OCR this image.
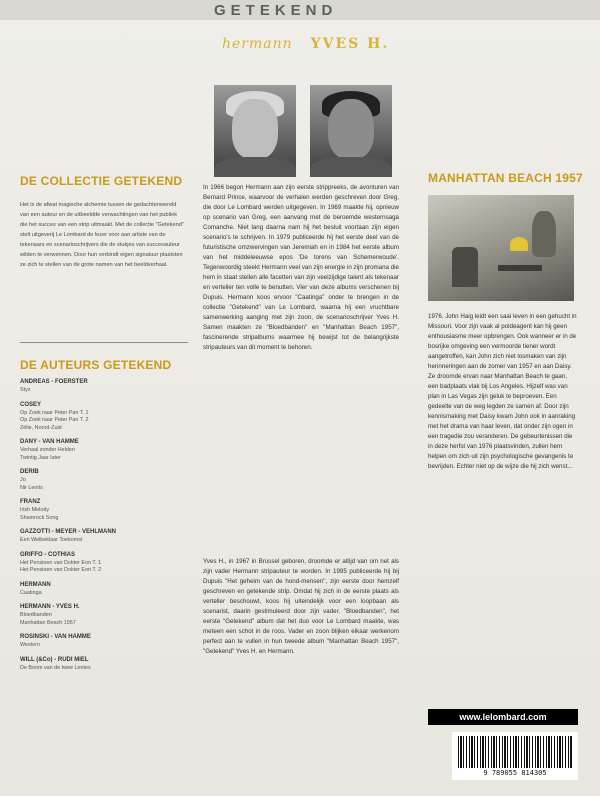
GETEKEND
hermann YVES H.
DE COLLECTIE GETEKEND
Het is de afwat magische alchemie tussen de gedachtenwereld van een auteur en de uitbeeldde verwachtingen van het publiek die het succes van een strip uitmaakt. Met de collectie "Getekend" stelt uitgeverij Le Lombard de lezer voor aan artiste van de tekenaars en scenarioschrijvers die de stukjes van succesauteur wilden te verwennen. Door hun verbindt eigen signatuur plaatsten ze zich te stellen van de grote namen van het beeldverhaal.
DE AUTEURS GETEKEND
ANDREAS - FOERSTER
Styx
COSEY
Op Zoek naar Peter Pan T. 1
Op Zoek naar Peter Pan T. 2
Zélie, Noord-Zuid
DANY - VAN HAMME
Verhaal zonder Helden
Twintig Jaar later
DERIB
Jo
Nir Lenits
FRANZ
Irish Melody
Shamrock Song
GAZZOTTI - MEYER - VEHLMANN
Een Welbeklaar Toekomst
GRIFFO - COTHIAS
Het Pensioen van Dokter Eon T. 1
Het Pensioen van Dokter Eon T. 2
HERMANN
Caatinga
HERMANN - YVES H.
Bloedbanden
Manhattan Beach 1957
ROSINSKI - VAN HAMME
Western
WILL (&Co) - RUDI MIEL
De Boom van de twee Lentes

In 1966 begon Hermann aan zijn eerste strippreeks, de avonturen van Bernard Prince, waarvoor de verhalen werden geschreven door Greg, die door Le Lombard werden uitgegeven. In 1969 maakte hij, opnieuw op scenario van Greg, een aanvang met de beroemde westernsaga Comanche. Niet lang daarna nam hij het besluit voortaan zijn eigen scenario's te schrijven. In 1979 publiceerde hij het eerste deel van de futuristische omzwervingen van Jeremiah en in 1984 het eerste album van het middeleeuwse epos 'De torens van Schemerwoude'. Tegenwoordig steekt Hermann veel van zijn energie in zijn promana die hem in staat stellen alle facetten van zijn veelzijdige talent als tekenaar en verteller ten volle te benutten. Vier van deze albums verschenen bij Dupuis. Hermann koos ervoor "Caatinga" onder te brengen in de collectie "Getekend" van Le Lombard, waarna hij een vruchtbare samenwerking aanging met zijn zoon, de scenarioschrijver Yves H. Samen maakten ze "Bloedbanden" en "Manhattan Beach 1957", fascinerende stripalbums waarmee hij bewijst tot de belangrijkste stripauteurs van dit moment te behoren.

Yves H., in 1967 in Brussel geboren, droomde er altijd van om net als zijn vader Hermann stripauteur te worden. In 1995 publiceerde hij bij Dupuis "Het geheim van de hond-mensen", zijn eerste door hemzelf geschreven en getekende strip. Omdat hij zich in de eerste plaats als verteller beschouwt, koos hij uiteindelijk voor een loopbaan als scenarist, daarin gestimuleerd door zijn vader. "Bloedbanden", het eerste "Getekend" album dat het duo voor Le Lombard maakte, was meteen een schot in de roos. Vader en zoon blijken elkaar werkenom perfect aan te vullen in hun tweede album "Manhattan Beach 1957", "Getekend" Yves H. en Hermann.

MANHATTAN BEACH 1957
1976. John Haig leidt een saai leven in een gehucht in Missouri. Voor zijn vaak al poldeagent kan hij geen enthousiasme meer opbrengen. Ook wanneer er in de bosrijke omgeving een vermoorde tiener wordt aangetroffen, kan John zich niet losmaken van zijn herinneringen aan de zomer van 1957 en aan Daisy. Ze droomde ervan naar Manhattan Beach te gaan, een badplaats vlak bij Los Angeles. Hijzelf was van plan in Las Vegas zijn geluk te beproeven. Een gedeelte van de weg legden ze samen af. Door zijn kennismaking met Daisy kwam John ook in aanraking met het drama van haar leven, dat onder zijn ogen in een tragedie zou veranderen. De gebeurtenissen die in deze herfst van 1976 plaatsvinden, zullen hem helpen om zich uit zijn psychologische gevangenis te bevrijden. Echter niet op de wijze die hij zich wenst...
www.lelombard.com
9 789055 814305
